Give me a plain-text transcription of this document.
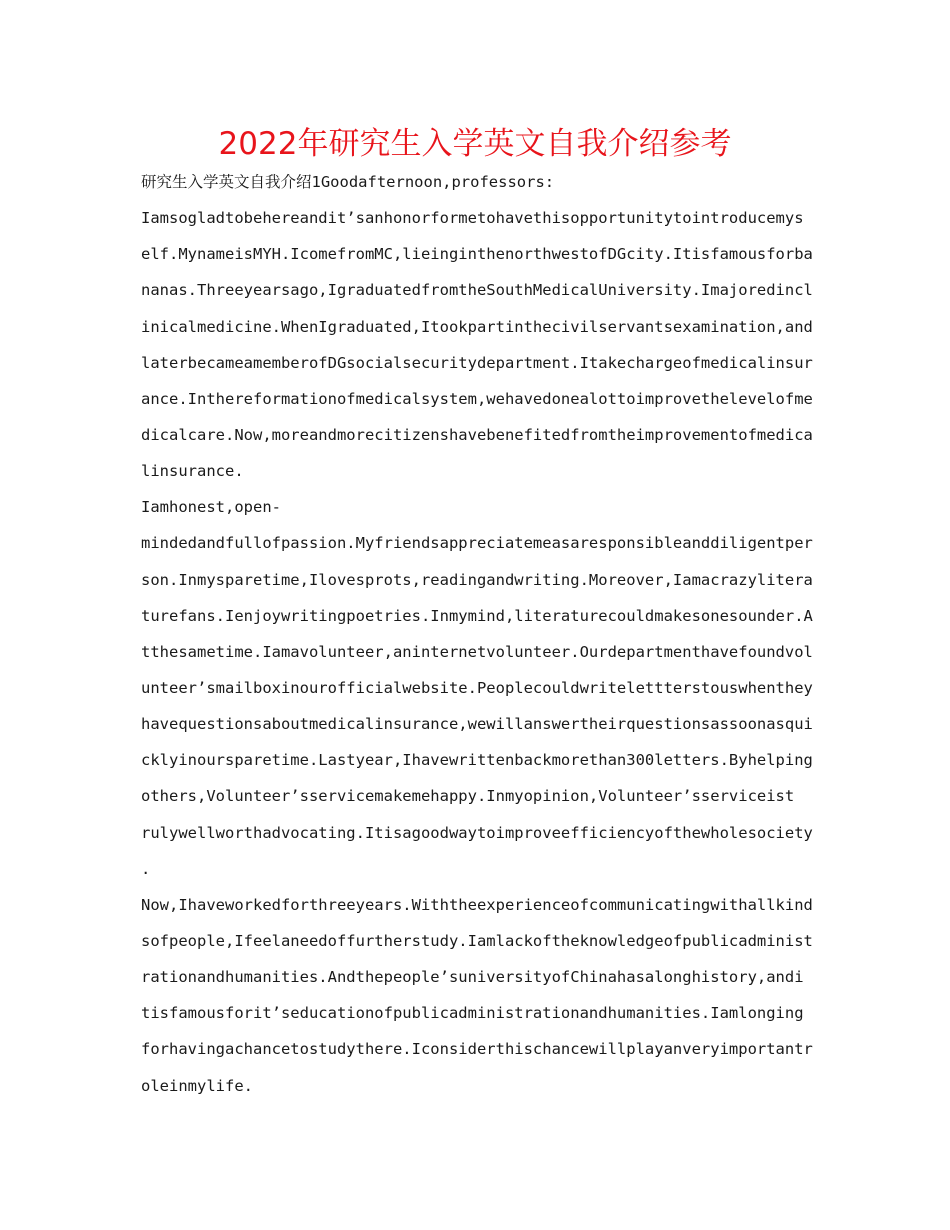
2022年研究生入学英文自我介绍参考
研究生入学英文自我介绍1Goodafternoon,professors:
Iamsogladtobehereandit’sanhonorformetohavethisopportunitytointroducemys
elf.MynameisMYH.IcomefromMC,lieinginthenorthwestofDGcity.Itisfamousforba
nanas.Threeyearsago,IgraduatedfromtheSouthMedicalUniversity.Imajoredincl
inicalmedicine.WhenIgraduated,Itookpartinthecivilservantsexamination,and
laterbecameamemberofDGsocialsecuritydepartment.Itakechargeofmedicalinsur
ance.Inthereformationofmedicalsystem,wehavedonealottoimprovethelevelofme
dicalcare.Now,moreandmorecitizenshavebenefitedfromtheimprovementofmedica
linsurance.
Iamhonest,open-
mindedandfullofpassion.Myfriendsappreciatemeasaresponsibleanddiligentper
son.Inmysparetime,Ilovesprots,readingandwriting.Moreover,Iamacrazylitera
turefans.Ienjoywritingpoetries.Inmymind,literaturecouldmakesonesounder.A
tthesametime.Iamavolunteer,aninternetvolunteer.Ourdepartmenthavefoundvol
unteer’smailboxinourofficialwebsite.Peoplecouldwritelettterstouswhenthey
havequestionsaboutmedicalinsurance,wewillanswertheirquestionsassoonasqui
cklyinoursparetime.Lastyear,Ihavewrittenbackmorethan300letters.Byhelping
others,Volunteer’sservicemakemehappy.Inmyopinion,Volunteer’sserviceist
rulywellworthadvocating.Itisagoodwaytoimproveefficiencyofthewholesociety
.
Now,Ihaveworkedforthreeyears.Withtheexperienceofcommunicatingwithallkind
sofpeople,Ifeelaneedoffurtherstudy.Iamlackoftheknowledgeofpublicadminist
rationandhumanities.Andthepeople’suniversityofChinahasalonghistory,andi
tisfamousforit’seducationofpublicadministrationandhumanities.Iamlonging
forhavingachancetostudythere.Iconsiderthischancewillplayanveryimportantr
oleinmylife.
